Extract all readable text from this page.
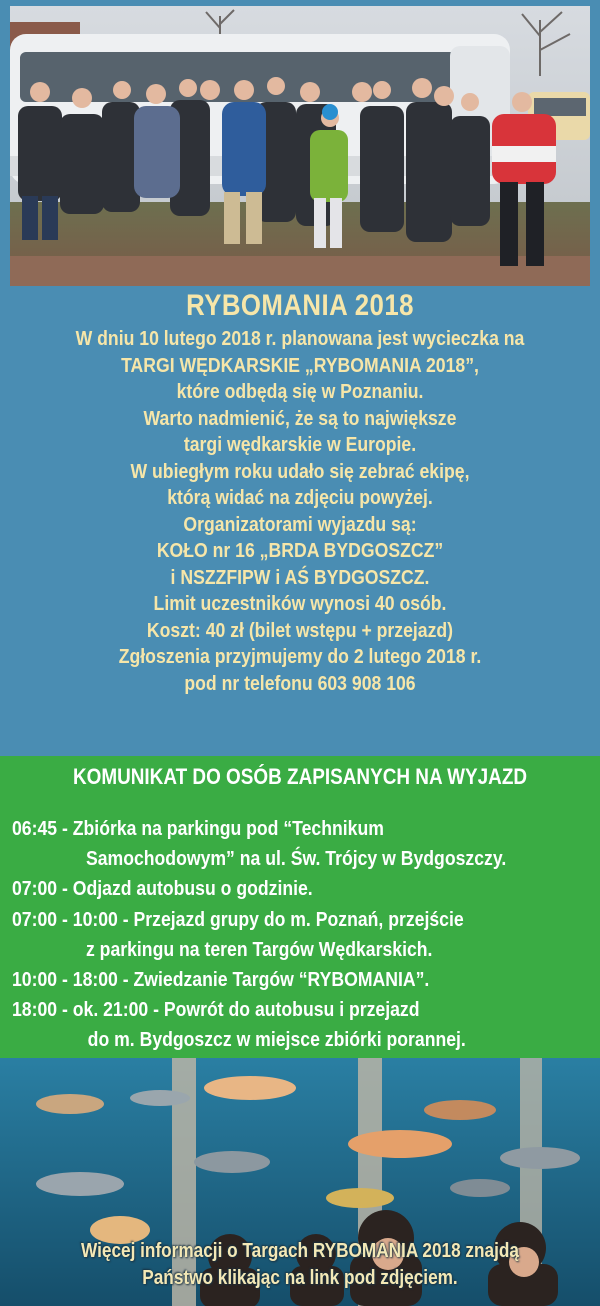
RYBOMANIA 2018
W dniu 10 lutego 2018 r. planowana jest wycieczka na
TARGI WĘDKARSKIE „RYBOMANIA 2018”,
które odbędą się w Poznaniu.
Warto nadmienić, że są to największe
targi wędkarskie w Europie.
W ubiegłym roku udało się zebrać ekipę,
którą widać na zdjęciu powyżej.
Organizatorami wyjazdu są:
KOŁO nr 16 „BRDA BYDGOSZCZ”
i NSZZFIPW i AŚ BYDGOSZCZ.
Limit uczestników wynosi 40 osób.
Koszt: 40 zł (bilet wstępu + przejazd)
Zgłoszenia przyjmujemy do 2 lutego 2018 r.
pod nr telefonu 603 908 106
KOMUNIKAT DO OSÓB ZAPISANYCH NA WYJAZD
06:45 - Zbiórka na parkingu pod “Technikum
Samochodowym” na ul. Św. Trójcy w Bydgoszczy.
07:00 - Odjazd autobusu o godzinie.
07:00 - 10:00 - Przejazd grupy do m. Poznań, przejście
z parkingu na teren Targów Wędkarskich.
10:00 - 18:00 - Zwiedzanie Targów “RYBOMANIA”.
18:00 - ok. 21:00 - Powrót do autobusu i przejazd
do m. Bydgoszcz w miejsce zbiórki porannej.
Więcej informacji o Targach RYBOMANIA 2018 znajdą
Państwo klikając na link pod zdjęciem.
